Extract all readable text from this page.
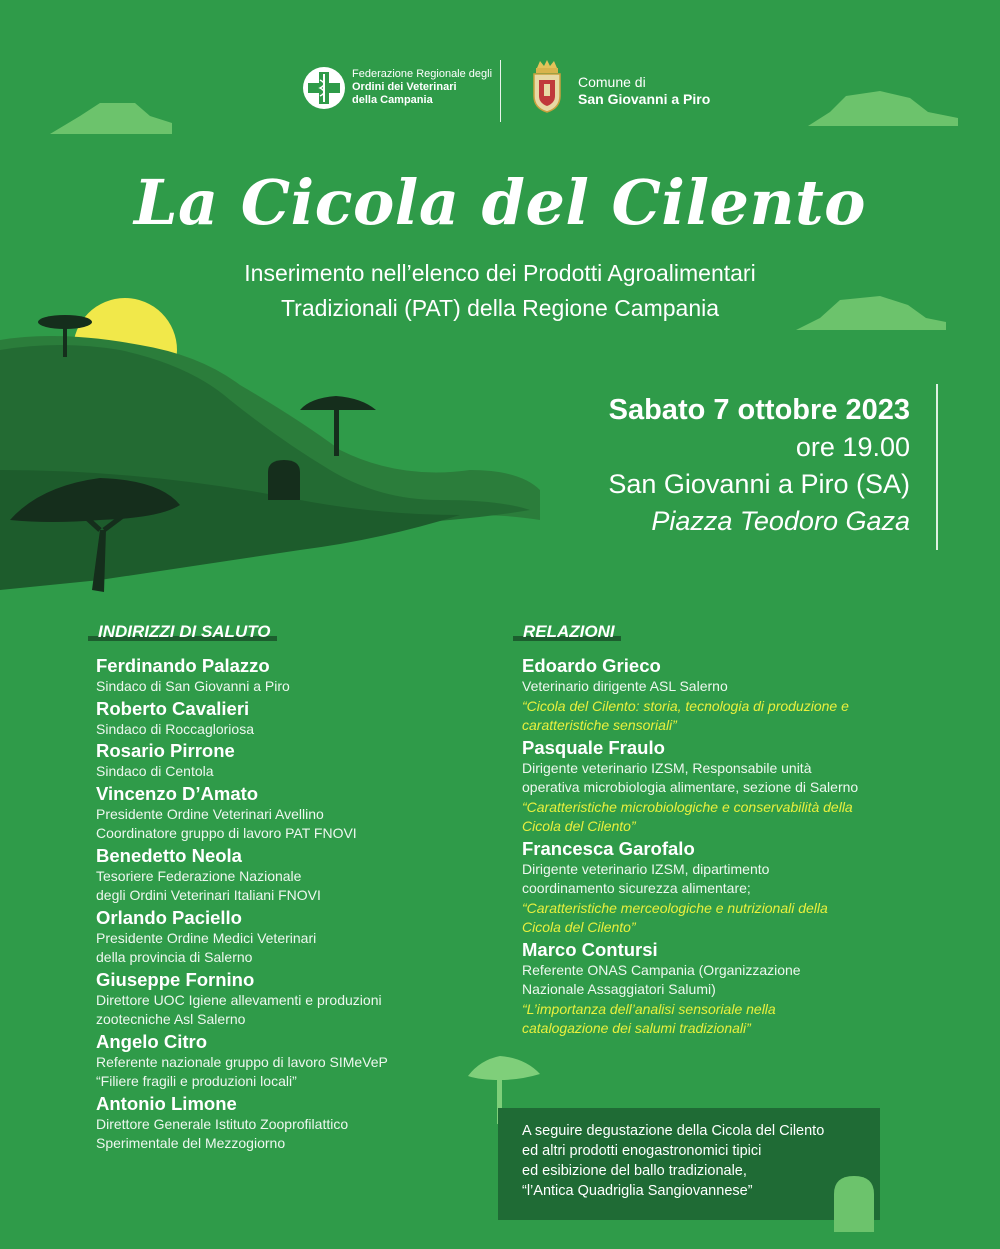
Federazione Regionale degli
Ordini dei Veterinari
della Campania
Comune di
San Giovanni a Piro
La Cicola del Cilento
Inserimento nell’elenco dei Prodotti Agroalimentari
Tradizionali (PAT) della Regione Campania
Sabato 7 ottobre 2023
ore 19.00
San Giovanni a Piro (SA)
Piazza Teodoro Gaza
INDIRIZZI DI SALUTO
Ferdinando Palazzo
Sindaco di San Giovanni a Piro
Roberto Cavalieri
Sindaco di Roccagloriosa
Rosario Pirrone
Sindaco di Centola
Vincenzo D’Amato
Presidente Ordine Veterinari Avellino
Coordinatore gruppo di lavoro PAT FNOVI
Benedetto Neola
Tesoriere Federazione Nazionale
degli Ordini Veterinari Italiani FNOVI
Orlando Paciello
Presidente Ordine Medici Veterinari
della provincia di Salerno
Giuseppe Fornino
Direttore UOC Igiene allevamenti e produzioni
zootecniche Asl Salerno
Angelo Citro
Referente nazionale gruppo di lavoro SIMeVeP
“Filiere fragili e produzioni locali”
Antonio Limone
Direttore Generale Istituto Zooprofilattico
Sperimentale del Mezzogiorno
RELAZIONI
Edoardo Grieco
Veterinario dirigente ASL Salerno
“Cicola del Cilento: storia, tecnologia di produzione e
caratteristiche sensoriali”
Pasquale Fraulo
Dirigente veterinario IZSM, Responsabile unità
operativa microbiologia alimentare, sezione di Salerno
“Caratteristiche microbiologiche e conservabilità della
Cicola del Cilento”
Francesca Garofalo
Dirigente veterinario IZSM, dipartimento
coordinamento sicurezza alimentare;
“Caratteristiche merceologiche e nutrizionali della
Cicola del Cilento”
Marco Contursi
Referente ONAS Campania (Organizzazione
Nazionale Assaggiatori Salumi)
“L’importanza dell’analisi sensoriale nella
catalogazione dei salumi tradizionali”
A seguire degustazione della Cicola del Cilento
ed altri prodotti enogastronomici tipici
ed esibizione del ballo tradizionale,
“l’Antica Quadriglia Sangiovannese”
